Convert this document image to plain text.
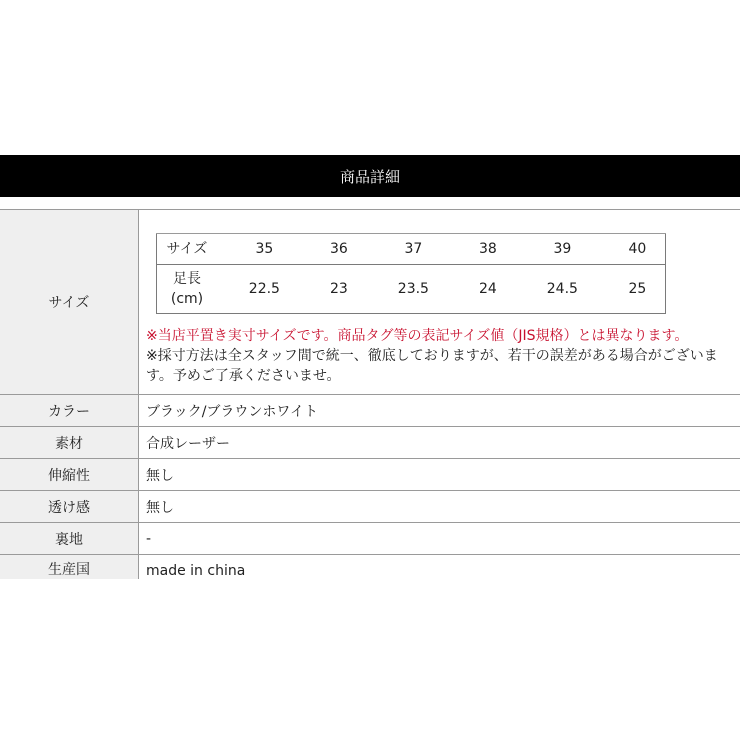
商品詳細
サイズ	
サイズ	35	36	37	38	39	40
足長
(cm)	22.5	23	23.5	24	24.5	25
※当店平置き実寸サイズです。商品タグ等の表記サイズ値（JIS規格）とは異なります。
※採寸方法は全スタッフ間で統一、徹底しておりますが、若干の誤差がある場合がございます。予めご了承くださいませ。

カラー	ブラック/ブラウンホワイト
素材	合成レーザー
伸縮性	無し
透け感	無し
裏地	-
生産国	made in china
